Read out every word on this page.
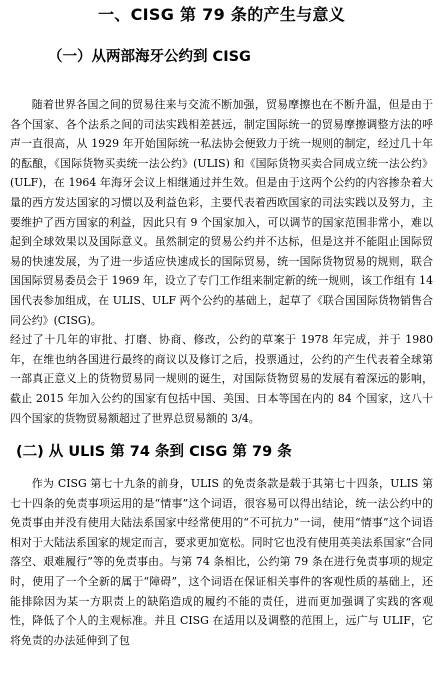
一、CISG 第 79 条的产生与意义
（一）从两部海牙公约到 CISG

随着世界各国之间的贸易往来与交流不断加强，贸易摩擦也在不断升温，但是由于各个国家、各个法系之间的司法实践相差甚远，制定国际统一的贸易摩擦调整方法的呼声一直很高，从 1929 年开始国际统一私法协会便致力于统一规则的制定，经过几十年的酝酿，《国际货物买卖统一法公约》(ULIS) 和《国际货物买卖合同成立统一法公约》(ULF)，在 1964 年海牙会议上相继通过并生效。但是由于这两个公约的内容掺杂着大量的西方发达国家的习惯以及利益色彩，主要代表着西欧国家的司法实践以及努力，主要维护了西方国家的利益，因此只有 9 个国家加入，可以调节的国家范围非常小，难以起到全球效果以及国际意义。虽然制定的贸易公约并不达标，但是这并不能阻止国际贸易的快速发展，为了进一步适应快速成长的国际贸易，统一国际货物贸易的规则，联合国国际贸易委员会于 1969 年，设立了专门工作组来制定新的统一规则，该工作组有 14 国代表参加组成，在 ULIS、ULF 两个公约的基础上，起草了《联合国国际货物销售合同公约》(CISG)。

经过了十几年的审批、打磨、协商、修改，公约的草案于 1978 年完成，并于 1980 年，在维也纳各国进行最终的商议以及修订之后，投票通过，公约的产生代表着全球第一部真正意义上的货物贸易同一规则的诞生，对国际货物贸易的发展有着深远的影响，截止 2015 年加入公约的国家有包括中国、美国、日本等国在内的 84 个国家，这八十四个国家的货物贸易额超过了世界总贸易额的 3/4。

(二) 从 ULIS 第 74 条到 CISG 第 79 条

作为 CISG 第七十九条的前身，ULIS 的免责条款是载于其第七十四条，ULIS 第七十四条的免责事项运用的是“情事”这个词语，很容易可以得出结论，统一法公约中的免责事由并没有使用大陆法系国家中经常使用的“不可抗力”一词，使用“情事”这个词语相对于大陆法系国家的规定而言，要求更加宽松。同时它也没有使用英美法系国家“合同落空、艰难履行”等的免责事由。与第 74 条相比，公约第 79 条在进行免责事项的规定时，使用了一个全新的属于“障碍”，这个词语在保证相关事件的客观性质的基础上，还能排除因为某一方职责上的缺陷造成的履约不能的责任，进而更加强调了实践的客观性，降低了个人的主观标准。并且 CISG 在适用以及调整的范围上，远广与 ULIF，它将免责的办法延伸到了包
